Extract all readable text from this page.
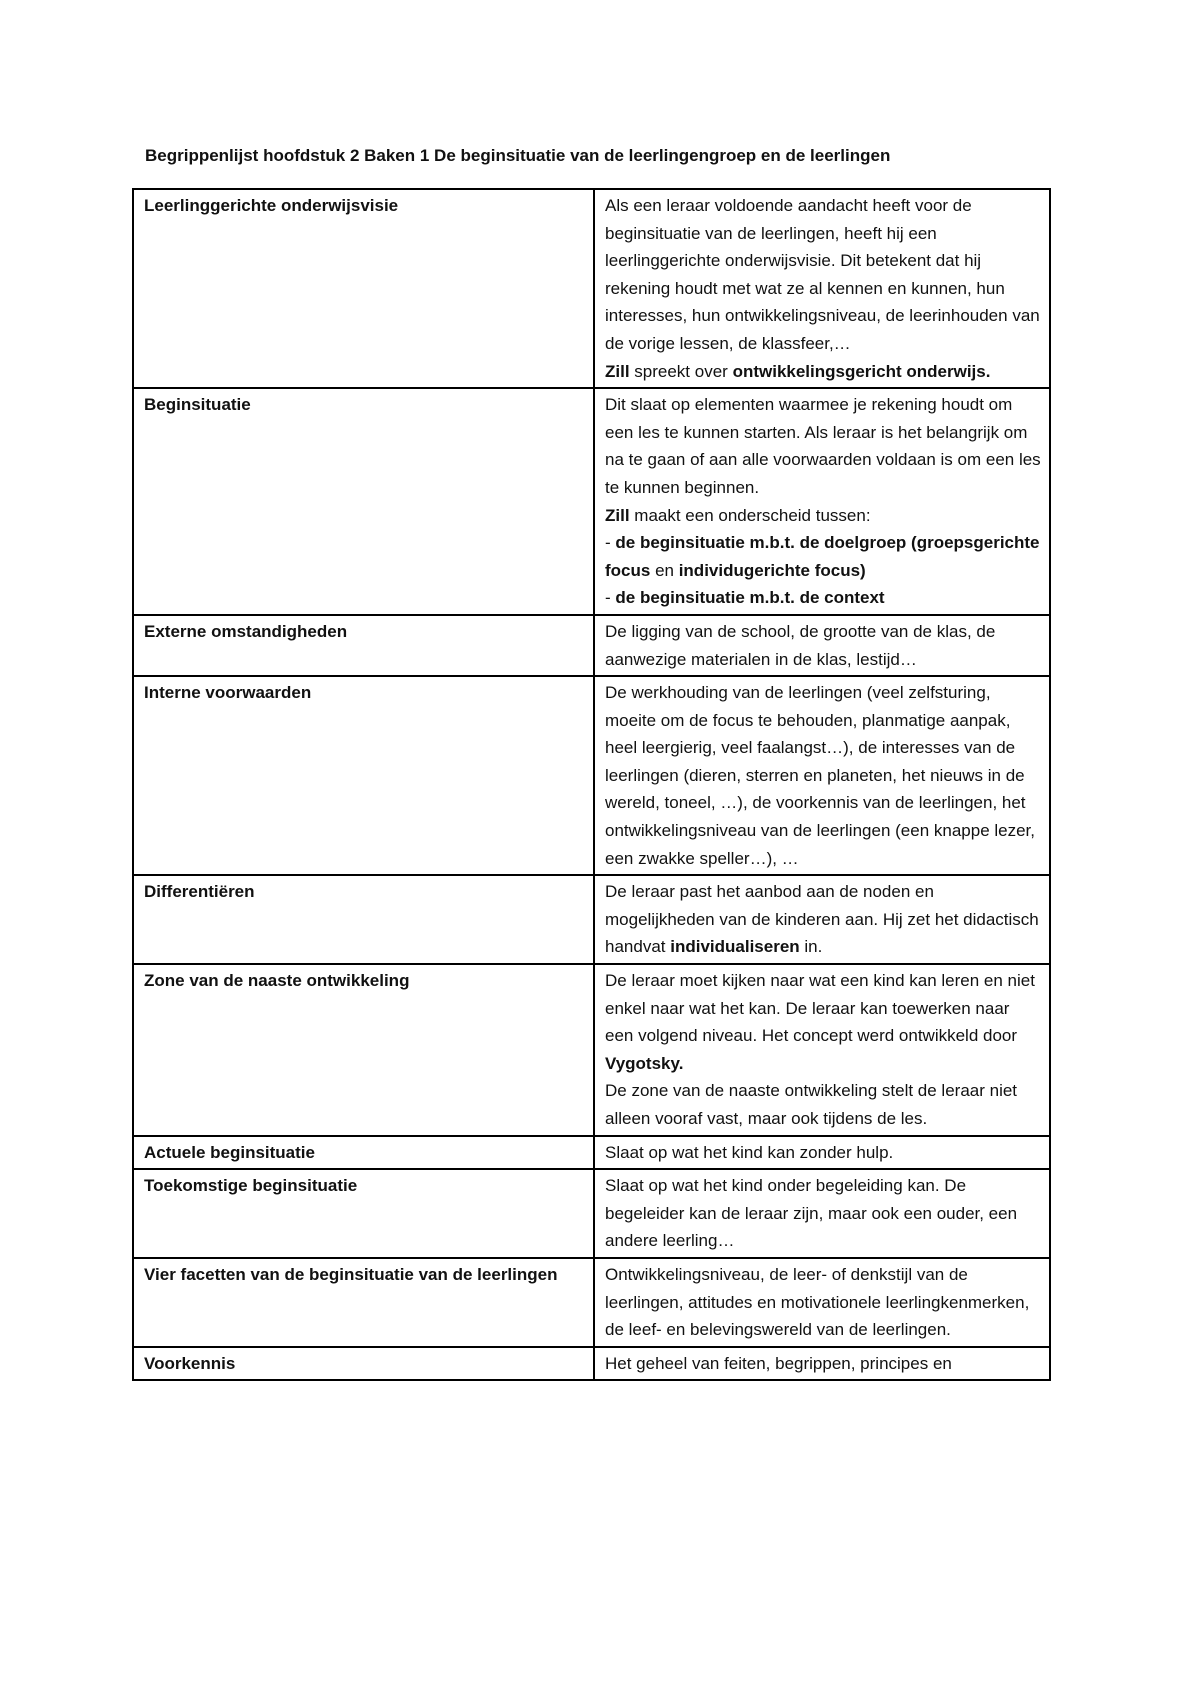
Begrippenlijst hoofdstuk 2 Baken 1 De beginsituatie van de leerlingengroep en de leerlingen
Leerlinggerichte onderwijsvisie	Als een leraar voldoende aandacht heeft voor de beginsituatie van de leerlingen, heeft hij een leerlinggerichte onderwijsvisie. Dit betekent dat hij rekening houdt met wat ze al kennen en kunnen, hun interesses, hun ontwikkelingsniveau, de leerinhouden van de vorige lessen, de klassfeer,…
Zill spreekt over ontwikkelingsgericht onderwijs.

Beginsituatie	Dit slaat op elementen waarmee je rekening houdt om een les te kunnen starten. Als leraar is het belangrijk om na te gaan of aan alle voorwaarden voldaan is om een les te kunnen beginnen.
Zill maakt een onderscheid tussen:
- de beginsituatie m.b.t. de doelgroep (groepsgerichte focus en individugerichte focus)
- de beginsituatie m.b.t. de context

Externe omstandigheden	De ligging van de school, de grootte van de klas, de aanwezige materialen in de klas, lestijd…

Interne voorwaarden	De werkhouding van de leerlingen (veel zelfsturing, moeite om de focus te behouden, planmatige aanpak, heel leergierig, veel faalangst…), de interesses van de leerlingen (dieren, sterren en planeten, het nieuws in de wereld, toneel, …), de voorkennis van de leerlingen, het ontwikkelingsniveau van de leerlingen (een knappe lezer, een zwakke speller…), …

Differentiëren	De leraar past het aanbod aan de noden en mogelijkheden van de kinderen aan. Hij zet het didactisch handvat individualiseren in.

Zone van de naaste ontwikkeling	De leraar moet kijken naar wat een kind kan leren en niet enkel naar wat het kan. De leraar kan toewerken naar een volgend niveau. Het concept werd ontwikkeld door Vygotsky.
De zone van de naaste ontwikkeling stelt de leraar niet alleen vooraf vast, maar ook tijdens de les.

Actuele beginsituatie	Slaat op wat het kind kan zonder hulp.

Toekomstige beginsituatie	Slaat op wat het kind onder begeleiding kan. De begeleider kan de leraar zijn, maar ook een ouder, een andere leerling…

Vier facetten van de beginsituatie van de leerlingen	Ontwikkelingsniveau, de leer- of denkstijl van de leerlingen, attitudes en motivationele leerlingkenmerken, de leef- en belevingswereld van de leerlingen.

Voorkennis	Het geheel van feiten, begrippen, principes en
